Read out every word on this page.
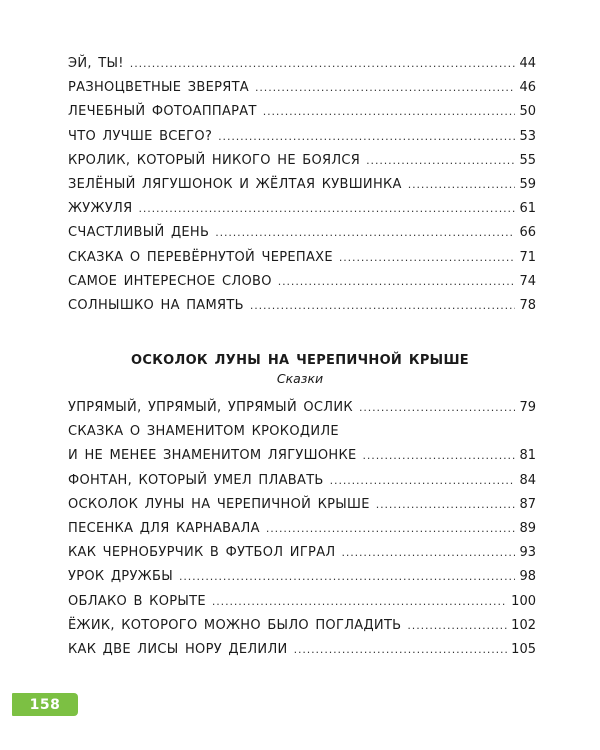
ЭЙ, ТЫ! . . .	44
РАЗНОЦВЕТНЫЕ ЗВЕРЯТА . . .	46
ЛЕЧЕБНЫЙ ФОТОАППАРАТ . . .	50
ЧТО ЛУЧШЕ ВСЕГО? . . .	53
КРОЛИК, КОТОРЫЙ НИКОГО НЕ БОЯЛСЯ . . .	55
ЗЕЛЁНЫЙ ЛЯГУШОНОК И ЖЁЛТАЯ КУВШИНКА . . .	59
ЖУЖУЛЯ . . .	61
СЧАСТЛИВЫЙ ДЕНЬ . . .	66
СКАЗКА О ПЕРЕВЁРНУТОЙ ЧЕРЕПАХЕ . . .	71
САМОЕ ИНТЕРЕСНОЕ СЛОВО . . .	74
СОЛНЫШКО НА ПАМЯТЬ . . .	78
ОСКОЛОК ЛУНЫ НА ЧЕРЕПИЧНОЙ КРЫШЕ
Сказки
УПРЯМЫЙ, УПРЯМЫЙ, УПРЯМЫЙ ОСЛИК . . .	79
СКАЗКА О ЗНАМЕНИТОМ КРОКОДИЛЕ
И НЕ МЕНЕЕ ЗНАМЕНИТОМ ЛЯГУШОНКЕ . . .	81
ФОНТАН, КОТОРЫЙ УМЕЛ ПЛАВАТЬ . . .	84
ОСКОЛОК ЛУНЫ НА ЧЕРЕПИЧНОЙ КРЫШЕ . . .	87
ПЕСЕНКА ДЛЯ КАРНАВАЛА . . .	89
КАК ЧЕРНОБУРЧИК В ФУТБОЛ ИГРАЛ . . .	93
УРОК ДРУЖБЫ . . .	98
ОБЛАКО В КОРЫТЕ . . .	100
ЁЖИК, КОТОРОГО МОЖНО БЫЛО ПОГЛАДИТЬ . . .	102
КАК ДВЕ ЛИСЫ НОРУ ДЕЛИЛИ . . .	105
158
